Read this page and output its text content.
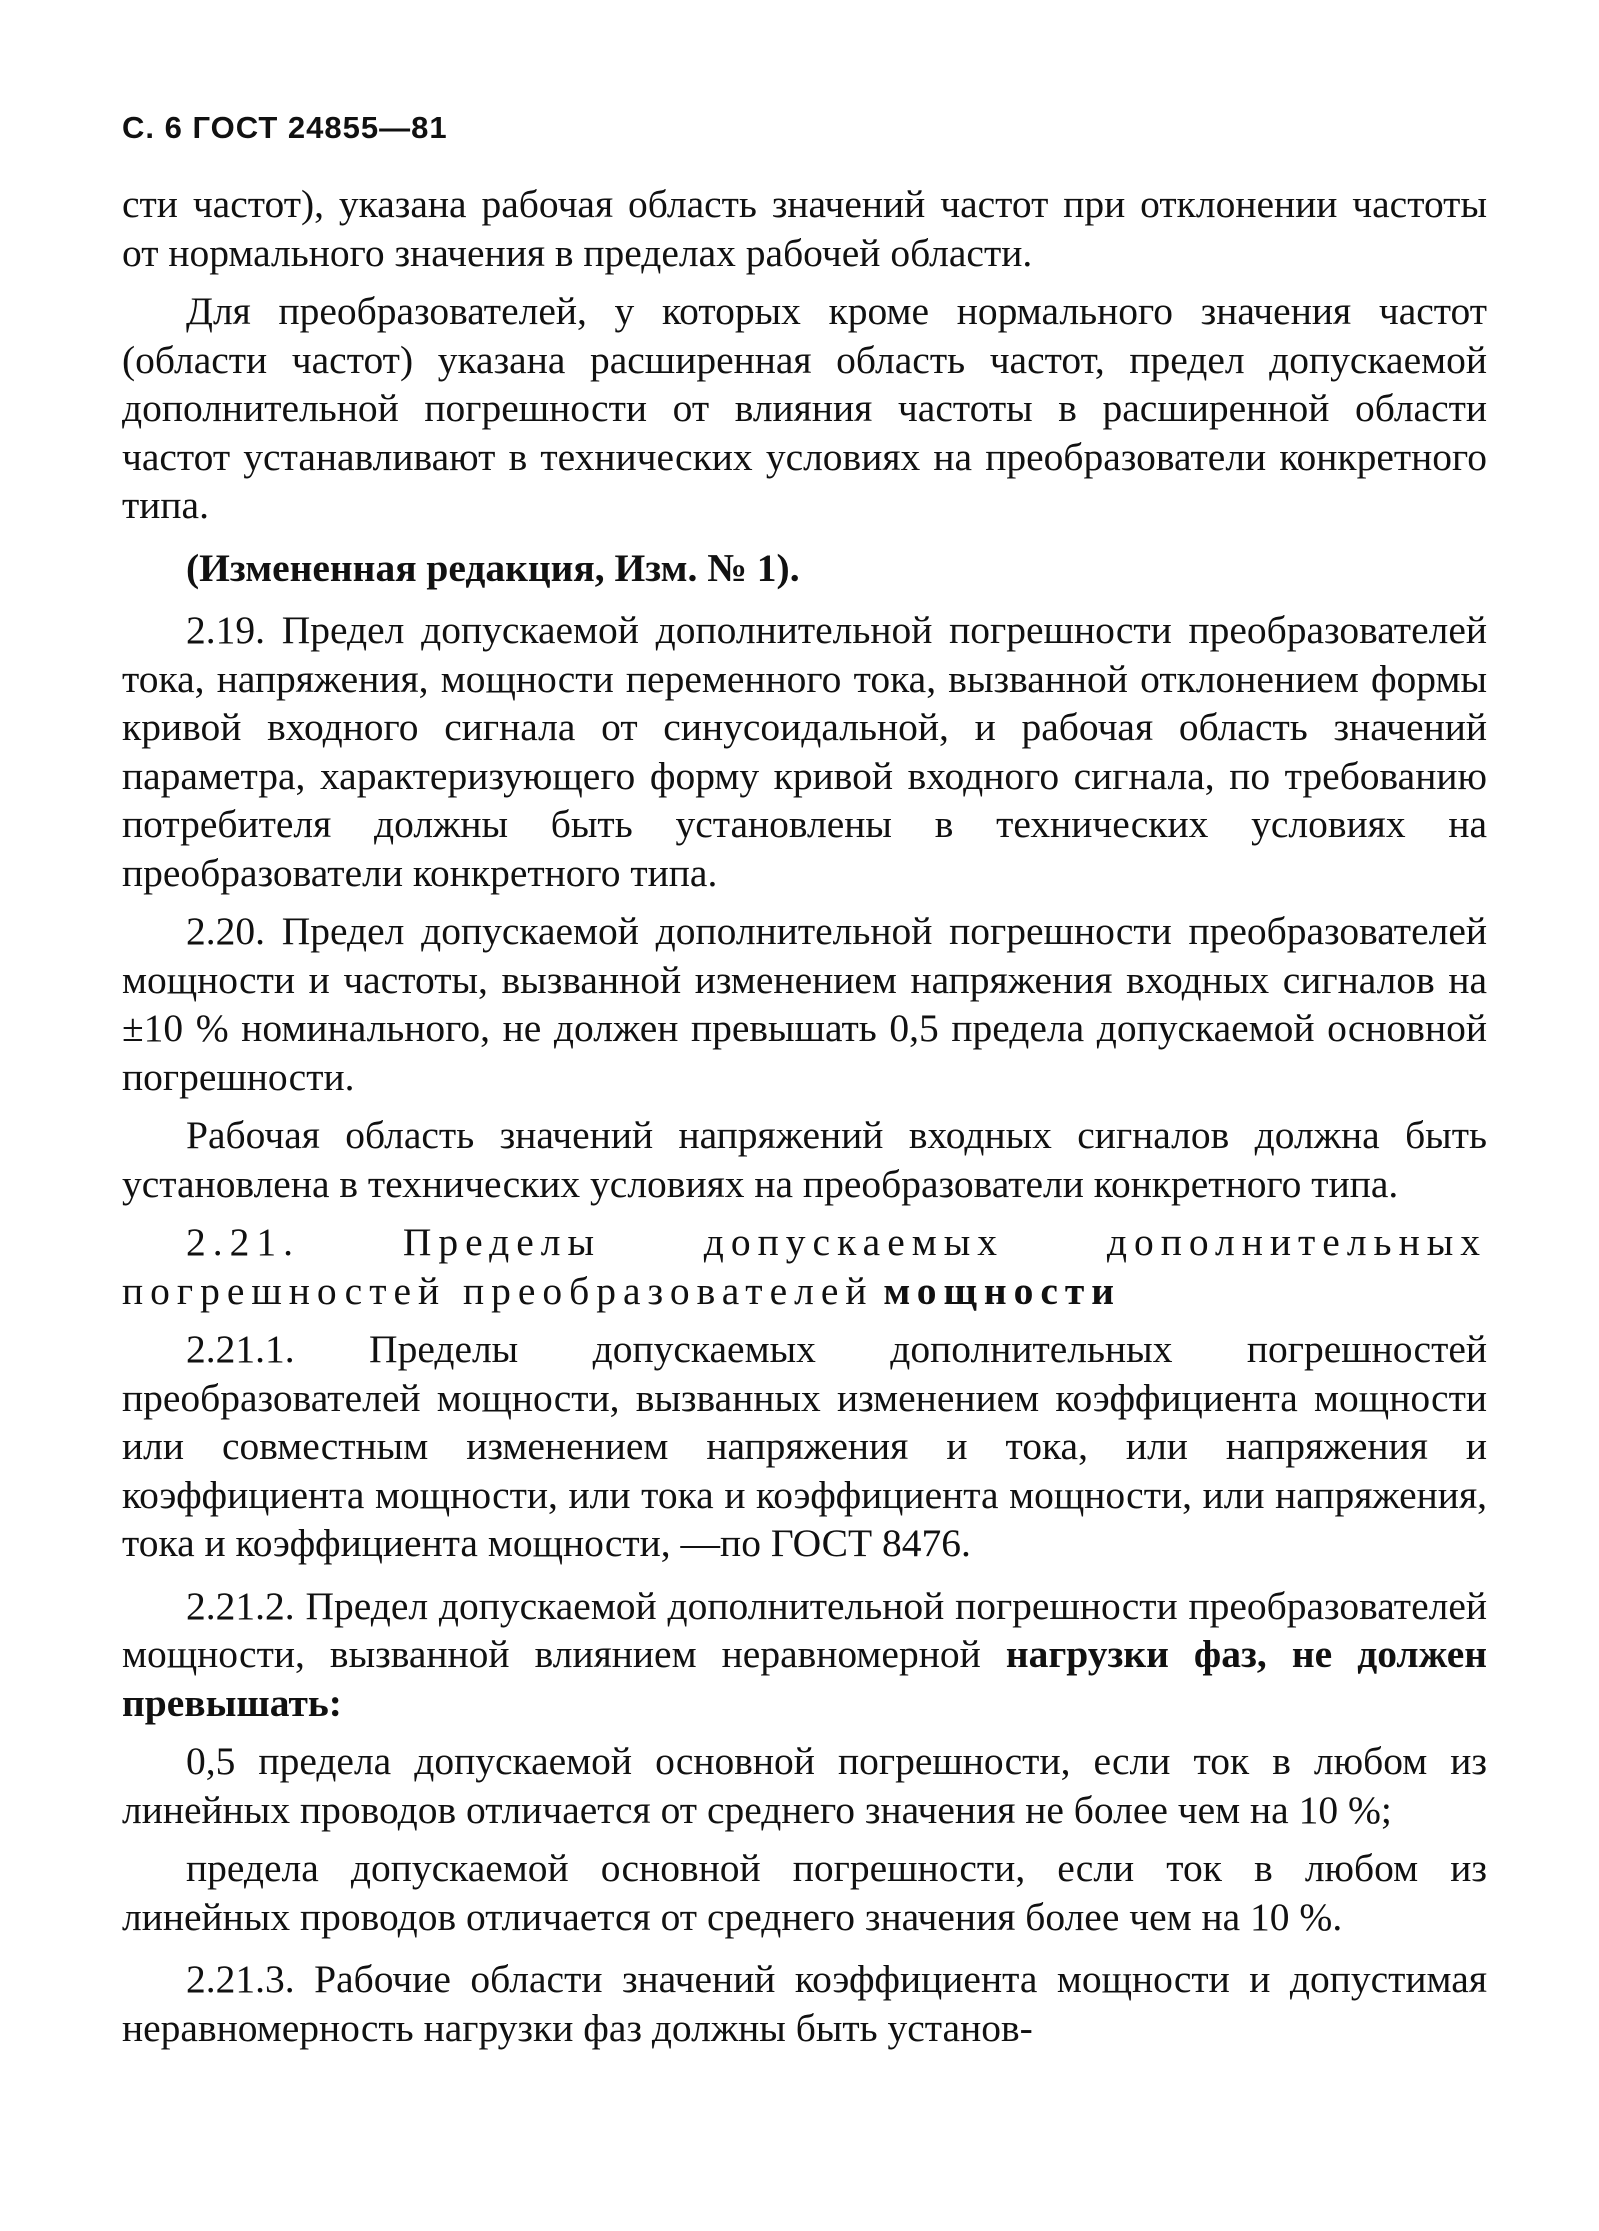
С. 6 ГОСТ 24855—81

сти частот), указана рабочая область значений частот при отклонении частоты от нормального значения в пределах рабочей области.

Для преобразователей, у которых кроме нормального значения частот (области частот) указана расширенная область частот, предел допускаемой дополнительной погрешности от влияния частоты в расширенной области частот устанавливают в технических условиях на преобразователи конкретного типа.

(Измененная редакция, Изм. № 1).

2.19. Предел допускаемой дополнительной погрешности преобразователей тока, напряжения, мощности переменного тока, вызванной отклонением формы кривой входного сигнала от синусоидальной, и рабочая область значений параметра, характеризующего форму кривой входного сигнала, по требованию потребителя должны быть установлены в технических условиях на преобразователи конкретного типа.

2.20. Предел допускаемой дополнительной погрешности преобразователей мощности и частоты, вызванной изменением напряжения входных сигналов на ±10 % номинального, не должен превышать 0,5 предела допускаемой основной погрешности.

Рабочая область значений напряжений входных сигналов должна быть установлена в технических условиях на преобразователи конкретного типа.

2.21. Пределы допускаемых дополнительных погрешностей преобразователей мощности

2.21.1. Пределы допускаемых дополнительных погрешностей преобразователей мощности, вызванных изменением коэффициента мощности или совместным изменением напряжения и тока, или напряжения и коэффициента мощности, или тока и коэффициента мощности, или напряжения, тока и коэффициента мощности, —по ГОСТ 8476.

2.21.2. Предел допускаемой дополнительной погрешности преобразователей мощности, вызванной влиянием неравномерной нагрузки фаз, не должен превышать:

0,5 предела допускаемой основной погрешности, если ток в любом из линейных проводов отличается от среднего значения не более чем на 10 %;

предела допускаемой основной погрешности, если ток в любом из линейных проводов отличается от среднего значения более чем на 10 %.

2.21.3. Рабочие области значений коэффициента мощности и допустимая неравномерность нагрузки фаз должны быть установ-
